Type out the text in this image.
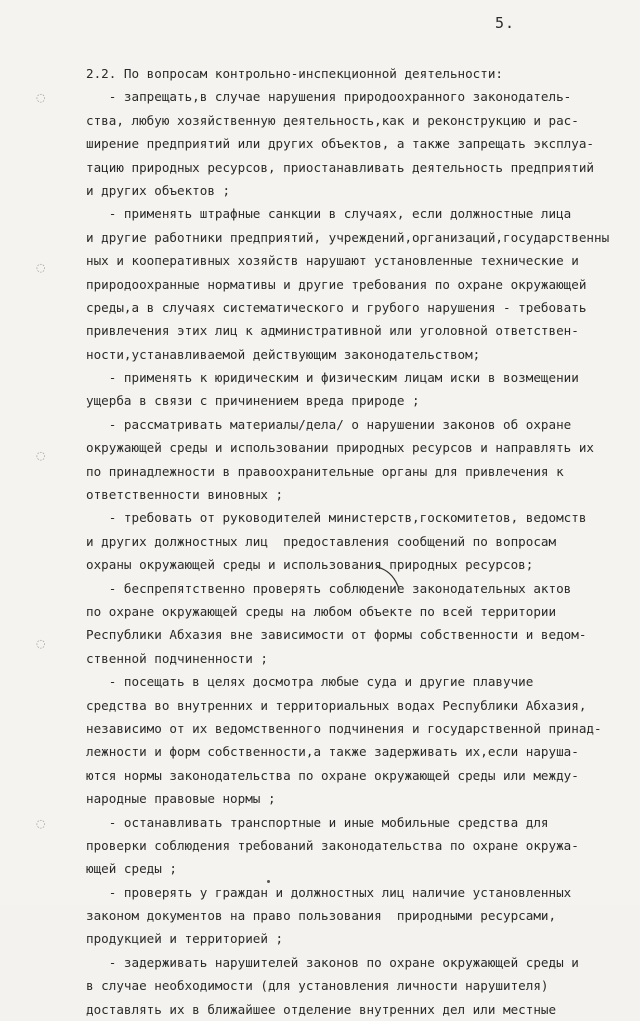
5.
◌
◌
◌
◌
◌
2.2. По вопросам контрольно-инспекционной деятельности:
- запрещать,в случае нарушения природоохранного законодатель-
ства, любую хозяйственную деятельность,как и реконструкцию и рас-
ширение предприятий или других объектов, а также запрещать эксплуа-
тацию природных ресурсов, приостанавливать деятельность предприятий
и других объектов ;
- применять штрафные санкции в случаях, если должностные лица
и другие работники предприятий, учреждений,организаций,государственны
ных и кооперативных хозяйств нарушают установленные технические и
природоохранные нормативы и другие требования по охране окружающей
среды,а в случаях систематического и грубого нарушения - требовать
привлечения этих лиц к административной или уголовной ответствен-
ности,устанавливаемой действующим законодательством;
- применять к юридическим и физическим лицам иски в возмещении
ущерба в связи с причинением вреда природе ;
- рассматривать материалы/дела/ о нарушении законов об охране
окружающей среды и использовании природных ресурсов и направлять их
по принадлежности в правоохранительные органы для привлечения к
ответственности виновных ;
- требовать от руководителей министерств,госкомитетов, ведомств
и других должностных лиц  предоставления сообщений по вопросам
охраны окружающей среды и использования природных ресурсов;
- беспрепятственно проверять соблюдение законодательных актов
по охране окружающей среды на любом объекте по всей территории
Республики Абхазия вне зависимости от формы собственности и ведом-
ственной подчиненности ;
- посещать в целях досмотра любые суда и другие плавучие
средства во внутренних и территориальных водах Республики Абхазия,
независимо от их ведомственного подчинения и государственной принад-
лежности и форм собственности,а также задерживать их,если наруша-
ются нормы законодательства по охране окружающей среды или между-
народные правовые нормы ;
- останавливать транспортные и иные мобильные средства для
проверки соблюдения требований законодательства по охране окружа-
ющей среды ;
- проверять у граждан и должностных лиц наличие установленных
законом документов на право пользования  природными ресурсами,
продукцией и территорией ;
- задерживать нарушителей законов по охране окружающей среды и
в случае необходимости (для установления личности нарушителя)
доставлять их в ближайшее отделение внутренних дел или местные
